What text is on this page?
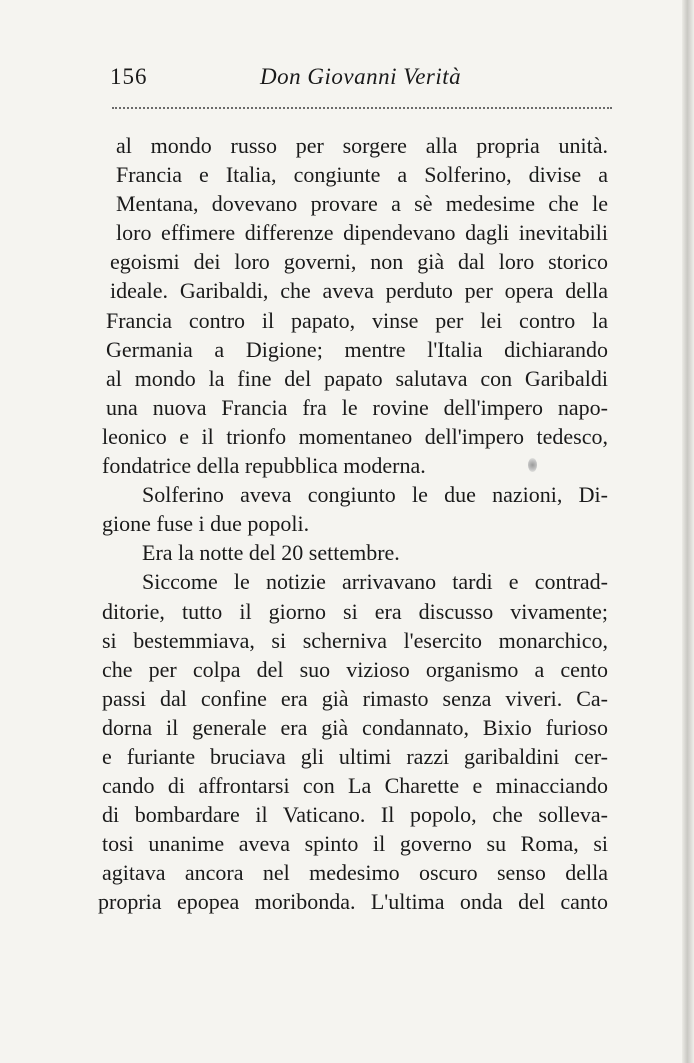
156	Don Giovanni Verità
al mondo russo per sorgere alla propria unità.
Francia e Italia, congiunte a Solferino, divise a
Mentana, dovevano provare a sè medesime che le
loro effimere differenze dipendevano dagli inevitabili
egoismi dei loro governi, non già dal loro storico
ideale. Garibaldi, che aveva perduto per opera della
Francia contro il papato, vinse per lei contro la
Germania a Digione; mentre l'Italia dichiarando
al mondo la fine del papato salutava con Garibaldi
una nuova Francia fra le rovine dell'impero napo-
leonico e il trionfo momentaneo dell'impero tedesco,
fondatrice della repubblica moderna.
Solferino aveva congiunto le due nazioni, Di-
gione fuse i due popoli.
Era la notte del 20 settembre.
Siccome le notizie arrivavano tardi e contrad-
ditorie, tutto il giorno si era discusso vivamente;
si bestemmiava, si scherniva l'esercito monarchico,
che per colpa del suo vizioso organismo a cento
passi dal confine era già rimasto senza viveri. Ca-
dorna il generale era già condannato, Bixio furioso
e furiante bruciava gli ultimi razzi garibaldini cer-
cando di affrontarsi con La Charette e minacciando
di bombardare il Vaticano. Il popolo, che solleva-
tosi unanime aveva spinto il governo su Roma, si
agitava ancora nel medesimo oscuro senso della
propria epopea moribonda. L'ultima onda del canto
